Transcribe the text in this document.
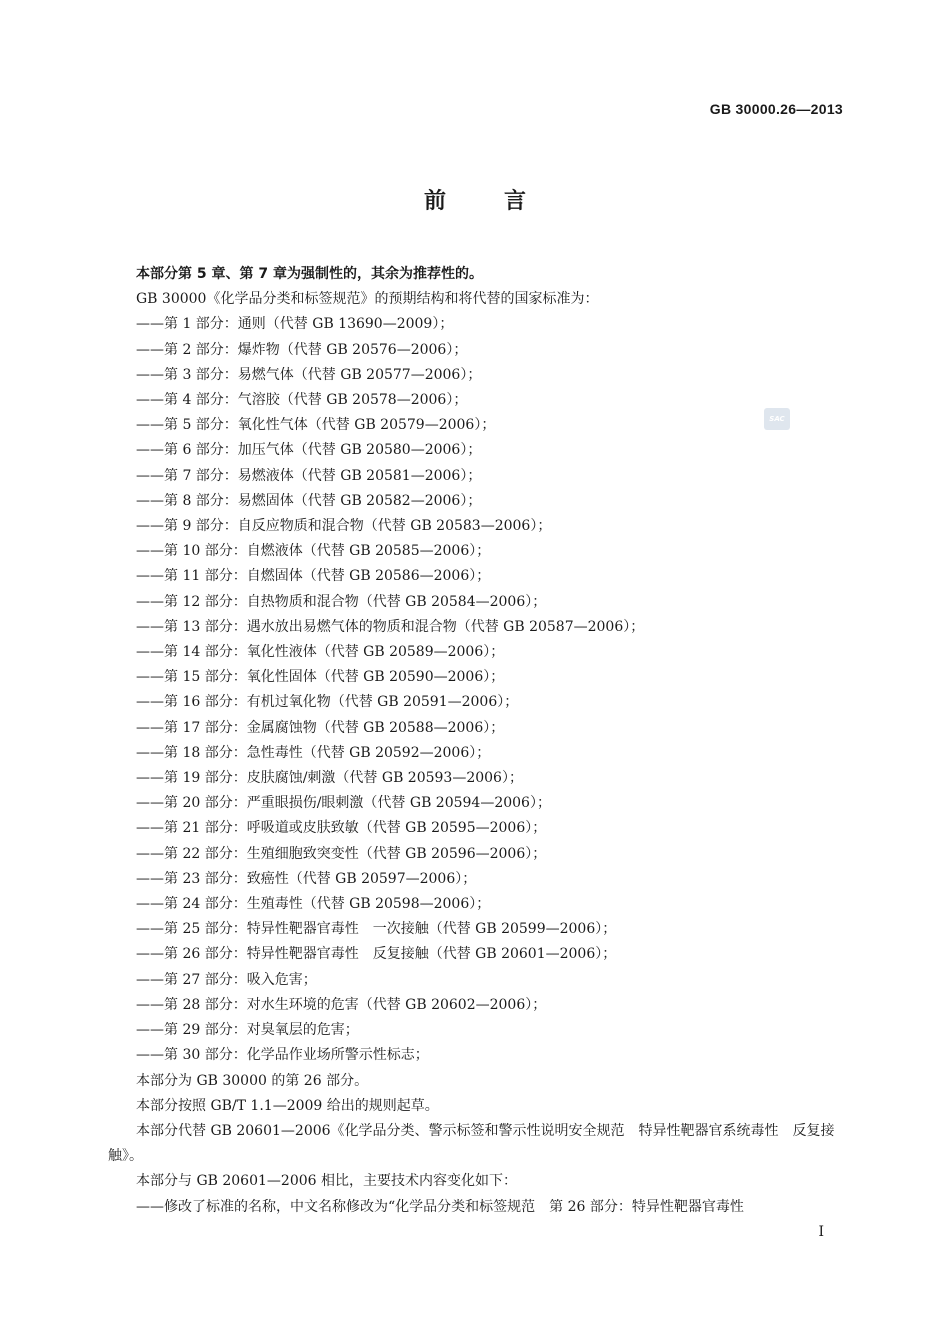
GB 30000.26—2013
前言
SAC

本部分第 5 章、第 7 章为强制性的，其余为推荐性的。

GB 30000《化学品分类和标签规范》的预期结构和将代替的国家标准为：

——第 1 部分：通则（代替 GB 13690—2009）；

——第 2 部分：爆炸物（代替 GB 20576—2006）；

——第 3 部分：易燃气体（代替 GB 20577—2006）；

——第 4 部分：气溶胶（代替 GB 20578—2006）；

——第 5 部分：氧化性气体（代替 GB 20579—2006）；

——第 6 部分：加压气体（代替 GB 20580—2006）；

——第 7 部分：易燃液体（代替 GB 20581—2006）；

——第 8 部分：易燃固体（代替 GB 20582—2006）；

——第 9 部分：自反应物质和混合物（代替 GB 20583—2006）；

——第 10 部分：自燃液体（代替 GB 20585—2006）；

——第 11 部分：自燃固体（代替 GB 20586—2006）；

——第 12 部分：自热物质和混合物（代替 GB 20584—2006）；

——第 13 部分：遇水放出易燃气体的物质和混合物（代替 GB 20587—2006）；

——第 14 部分：氧化性液体（代替 GB 20589—2006）；

——第 15 部分：氧化性固体（代替 GB 20590—2006）；

——第 16 部分：有机过氧化物（代替 GB 20591—2006）；

——第 17 部分：金属腐蚀物（代替 GB 20588—2006）；

——第 18 部分：急性毒性（代替 GB 20592—2006）；

——第 19 部分：皮肤腐蚀/刺激（代替 GB 20593—2006）；

——第 20 部分：严重眼损伤/眼刺激（代替 GB 20594—2006）；

——第 21 部分：呼吸道或皮肤致敏（代替 GB 20595—2006）；

——第 22 部分：生殖细胞致突变性（代替 GB 20596—2006）；

——第 23 部分：致癌性（代替 GB 20597—2006）；

——第 24 部分：生殖毒性（代替 GB 20598—2006）；

——第 25 部分：特异性靶器官毒性　一次接触（代替 GB 20599—2006）；

——第 26 部分：特异性靶器官毒性　反复接触（代替 GB 20601—2006）；

——第 27 部分：吸入危害；

——第 28 部分：对水生环境的危害（代替 GB 20602—2006）；

——第 29 部分：对臭氧层的危害；

——第 30 部分：化学品作业场所警示性标志；

本部分为 GB 30000 的第 26 部分。

本部分按照 GB/T 1.1—2009 给出的规则起草。

本部分代替 GB 20601—2006《化学品分类、警示标签和警示性说明安全规范　特异性靶器官系统毒性　反复接触》。

本部分与 GB 20601—2006 相比，主要技术内容变化如下：

——修改了标准的名称，中文名称修改为“化学品分类和标签规范　第 26 部分：特异性靶器官毒性

I
